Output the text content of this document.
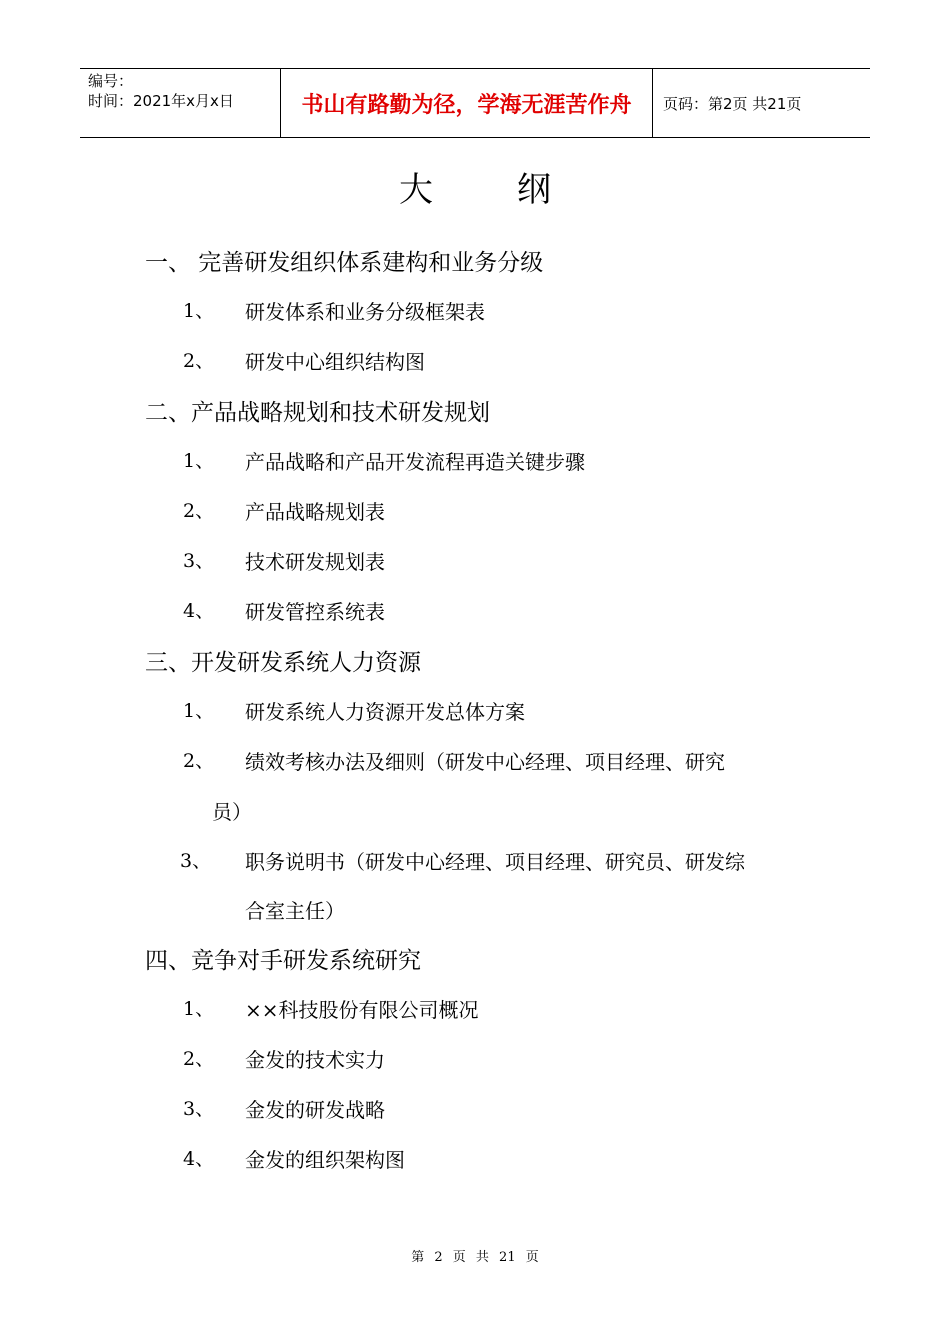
编号：
时间：2021年x月x日	书山有路勤为径，学海无涯苦作舟	页码：第2页 共21页
大纲
一、 完善研发组织体系建构和业务分级
1、 研发体系和业务分级框架表
2、 研发中心组织结构图
二、产品战略规划和技术研发规划
1、 产品战略和产品开发流程再造关键步骤
2、 产品战略规划表
3、 技术研发规划表
4、 研发管控系统表
三、开发研发系统人力资源
1、 研发系统人力资源开发总体方案
2、 绩效考核办法及细则（研发中心经理、项目经理、研究
员）
3、 职务说明书（研发中心经理、项目经理、研究员、研发综
合室主任）
四、竞争对手研发系统研究
1、 ××科技股份有限公司概况
2、 金发的技术实力
3、 金发的研发战略
4、 金发的组织架构图
第 2 页 共 21 页
